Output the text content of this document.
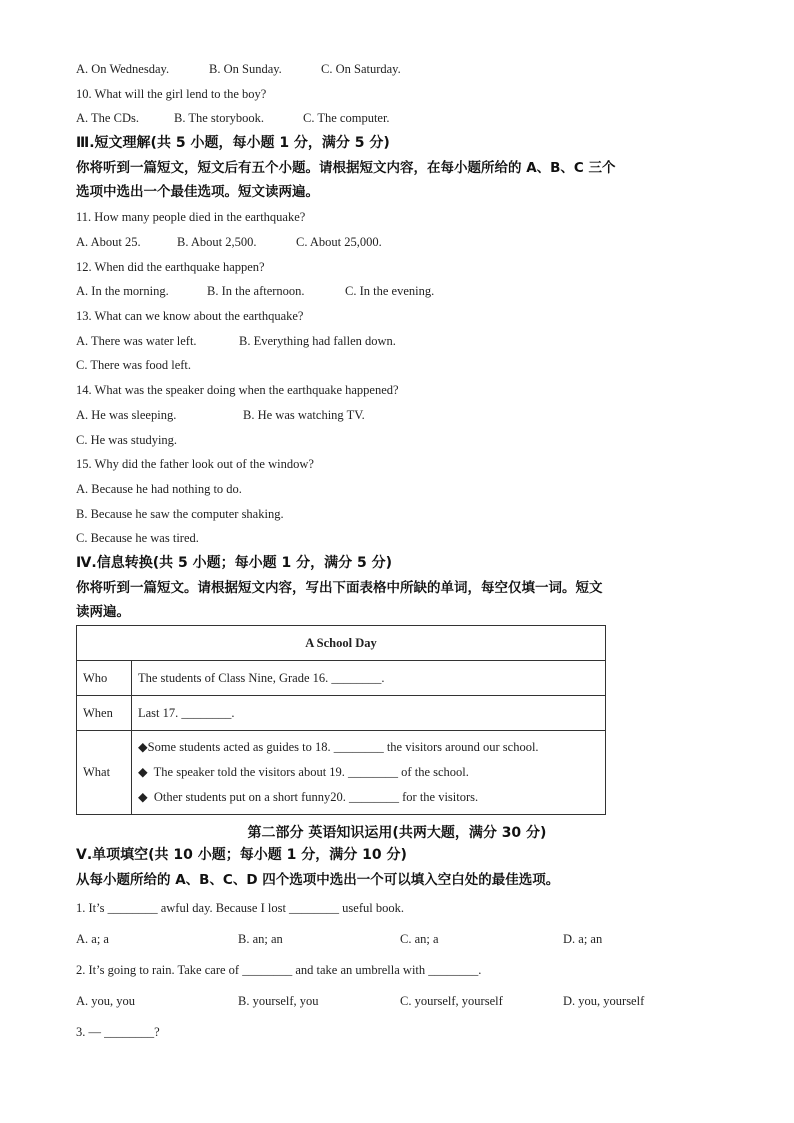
A. On Wednesday.	B. On Sunday.	C. On Saturday.
10. What will the girl lend to the boy?
A. The CDs.	B. The storybook.	C. The computer.
Ⅲ.短文理解(共 5 小题，每小题 1 分，满分 5 分)
你将听到一篇短文，短文后有五个小题。请根据短文内容，在每小题所给的 A、B、C 三个
选项中选出一个最佳选项。短文读两遍。
11. How many people died in the earthquake?
A. About 25.	B. About 2,500.	C. About 25,000.
12. When did the earthquake happen?
A. In the morning.	B. In the afternoon.	C. In the evening.
13. What can we know about the earthquake?
A. There was water left.	B. Everything had fallen down.
C. There was food left.
14. What was the speaker doing when the earthquake happened?
A. He was sleeping.	B. He was watching TV.
C. He was studying.
15. Why did the father look out of the window?
A. Because he had nothing to do.
B. Because he saw the computer shaking.
C. Because he was tired.
Ⅳ.信息转换(共 5 小题；每小题 1 分，满分 5 分)
你将听到一篇短文。请根据短文内容，写出下面表格中所缺的单词，每空仅填一词。短文
读两遍。
A School Day	
Who	The students of Class Nine, Grade 16. ________.
When	Last 17. ________.
What	◆Some students acted as guides to 18. ________ the visitors around our school.
◆ The speaker told the visitors about 19. ________ of the school.
◆ Other students put on a short funny20. ________ for the visitors.
第二部分 英语知识运用(共两大题，满分 30 分)
Ⅴ.单项填空(共 10 小题；每小题 1 分，满分 10 分)
从每小题所给的 A、B、C、D 四个选项中选出一个可以填入空白处的最佳选项。
1. It’s ________ awful day. Because I lost ________ useful book.
A. a; a	B. an; an	C. an; a	D. a; an
2. It’s going to rain. Take care of ________ and take an umbrella with ________.
A. you, you	B. yourself, you	C. yourself, yourself	D. you, yourself
3. — ________?
